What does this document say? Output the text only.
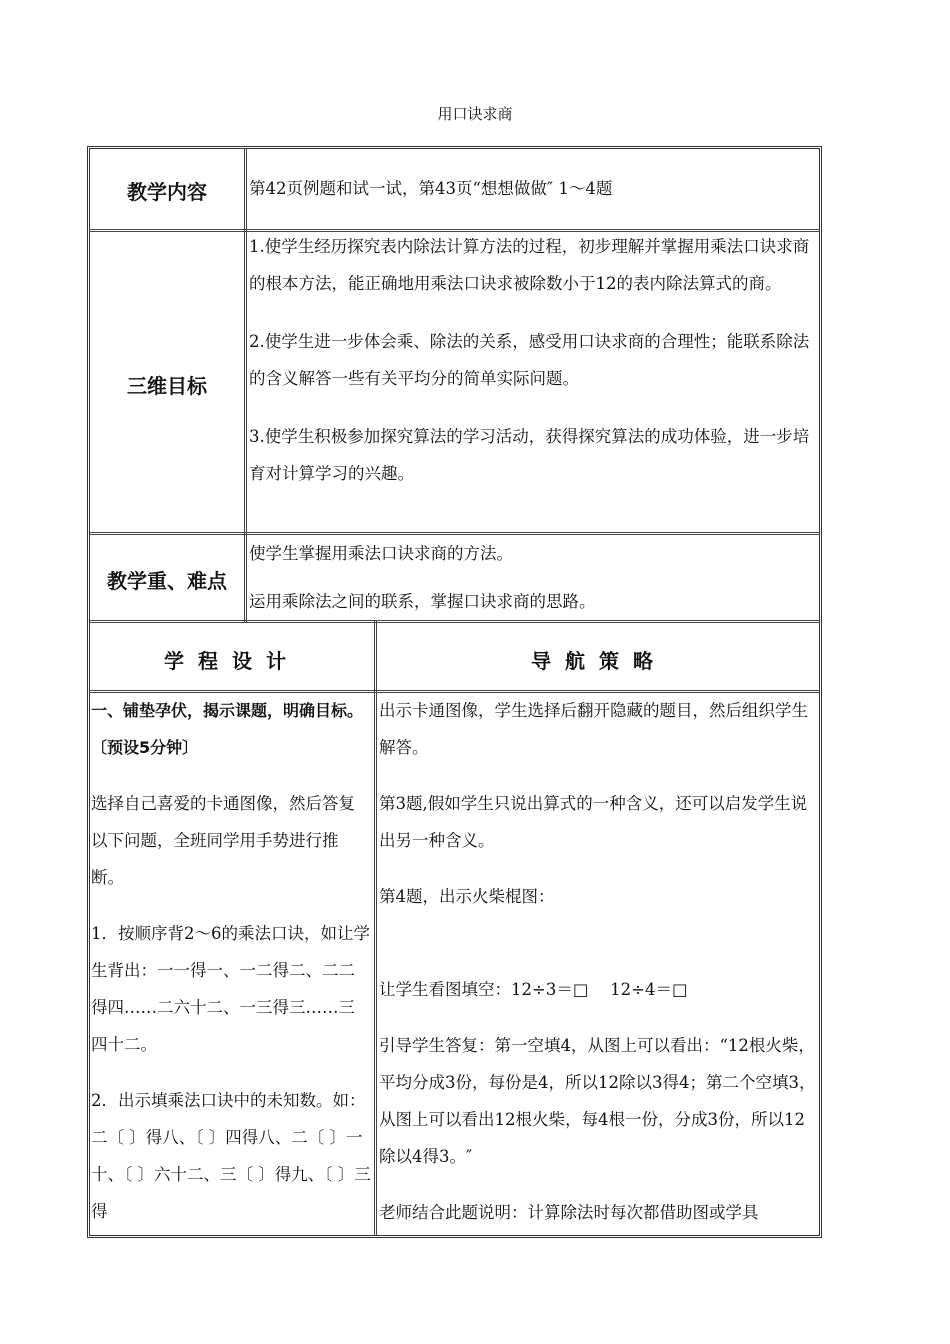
用口诀求商
教学内容	第42页例题和试一试，第43页“想想做做″ 1～4题
三维目标

1.使学生经历探究表内除法计算方法的过程，初步理解并掌握用乘法口诀求商的根本方法，能正确地用乘法口诀求被除数小于12的表内除法算式的商。

2.使学生进一步体会乘、除法的关系，感受用口诀求商的合理性；能联系除法的含义解答一些有关平均分的简单实际问题。

3.使学生积极参加探究算法的学习活动，获得探究算法的成功体验，进一步培育对计算学习的兴趣。

教学重、难点

使学生掌握用乘法口诀求商的方法。

运用乘除法之间的联系，掌握口诀求商的思路。

学程设计	导航策略

一、铺垫孕伏，揭示课题，明确目标。〔预设5分钟〕

选择自己喜爱的卡通图像，然后答复以下问题，全班同学用手势进行推断。

1．按顺序背2～6的乘法口诀，如让学生背出：一一得一、一二得二、二二得四……二六十二、一三得三……三四十二。

2．出示填乘法口诀中的未知数。如：二〔 〕得八、〔 〕四得八、二〔 〕一十、〔 〕六十二、三〔 〕得九、〔 〕三得

出示卡通图像，学生选择后翻开隐藏的题目，然后组织学生解答。

第3题,假如学生只说出算式的一种含义，还可以启发学生说出另一种含义。

第4题，出示火柴棍图：

让学生看图填空：12÷3＝□　 12÷4＝□

引导学生答复：第一空填4，从图上可以看出：“12根火柴，平均分成3份，每份是4，所以12除以3得4；第二个空填3，从图上可以看出12根火柴，每4根一份，分成3份，所以12除以4得3。″

老师结合此题说明：计算除法时每次都借助图或学具
